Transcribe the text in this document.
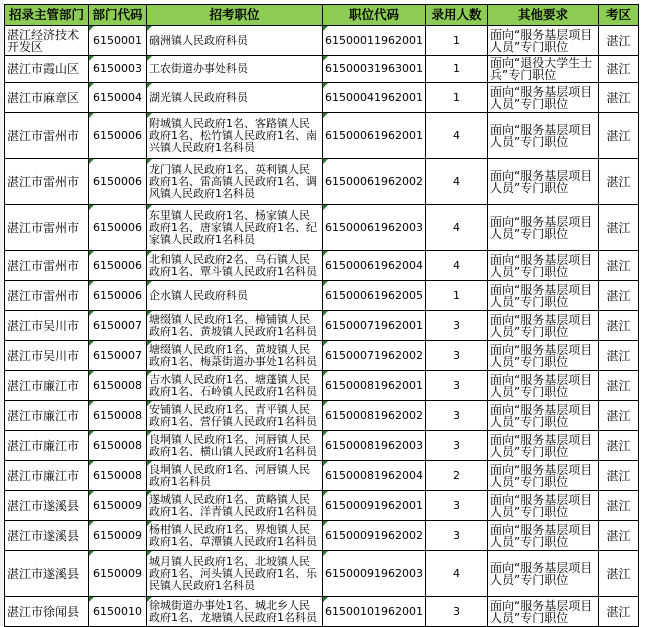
招录主管部门	部门代码	招考职位	职位代码	录用人数	其他要求	考区
湛江经济技术开发区	6150001	硇洲镇人民政府科员	61500011962001	1	面向“服务基层项目人员”专门职位	湛江
湛江市霞山区	6150003	工农街道办事处科员	61500031963001	1	面向“退役大学生士兵”专门职位	湛江
湛江市麻章区	6150004	湖光镇人民政府科员	61500041962001	1	面向“服务基层项目人员”专门职位	湛江
湛江市雷州市	6150006	附城镇人民政府1名、客路镇人民政府1名、松竹镇人民政府1名、南兴镇人民政府1名科员	61500061962001	4	面向“服务基层项目人员”专门职位	湛江
湛江市雷州市	6150006	龙门镇人民政府1名、英利镇人民政府1名、雷高镇人民政府1名、调风镇人民政府1名科员	61500061962002	4	面向“服务基层项目人员”专门职位	湛江
湛江市雷州市	6150006	东里镇人民政府1名、杨家镇人民政府1名、唐家镇人民政府1名、纪家镇人民政府1名科员	61500061962003	4	面向“服务基层项目人员”专门职位	湛江
湛江市雷州市	6150006	北和镇人民政府2名、乌石镇人民政府1名、覃斗镇人民政府1名科员	61500061962004	4	面向“服务基层项目人员”专门职位	湛江
湛江市雷州市	6150006	企水镇人民政府科员	61500061962005	1	面向“服务基层项目人员”专门职位	湛江
湛江市吴川市	6150007	塘缀镇人民政府1名、樟铺镇人民政府1名、黄坡镇人民政府1名科员	61500071962001	3	面向“服务基层项目人员”专门职位	湛江
湛江市吴川市	6150007	塘缀镇人民政府1名、黄坡镇人民政府1名、梅菉街道办事处1名科员	61500071962002	3	面向“服务基层项目人员”专门职位	湛江
湛江市廉江市	6150008	吉水镇人民政府1名、塘蓬镇人民政府1名、石岭镇人民政府1名科员	61500081962001	3	面向“服务基层项目人员”专门职位	湛江
湛江市廉江市	6150008	安铺镇人民政府1名、青平镇人民政府1名、营仔镇人民政府1名科员	61500081962002	3	面向“服务基层项目人员”专门职位	湛江
湛江市廉江市	6150008	良垌镇人民政府1名、河唇镇人民政府1名、横山镇人民政府1名科员	61500081962003	3	面向“服务基层项目人员”专门职位	湛江
湛江市廉江市	6150008	良垌镇人民政府1名、河唇镇人民政府1名科员	61500081962004	2	面向“服务基层项目人员”专门职位	湛江
湛江市遂溪县	6150009	遂城镇人民政府1名、黄略镇人民政府1名、洋青镇人民政府1名科员	61500091962001	3	面向“服务基层项目人员”专门职位	湛江
湛江市遂溪县	6150009	杨柑镇人民政府1名、界炮镇人民政府1名、草潭镇人民政府1名科员	61500091962002	3	面向“服务基层项目人员”专门职位	湛江
湛江市遂溪县	6150009	城月镇人民政府1名、北坡镇人民政府1名、河头镇人民政府1名、乐民镇人民政府1名科员	61500091962003	4	面向“服务基层项目人员”专门职位	湛江
湛江市徐闻县	6150010	徐城街道办事处1名、城北乡人民政府1名、龙塘镇人民政府1名科员	61500101962001	3	面向“服务基层项目人员”专门职位	湛江
